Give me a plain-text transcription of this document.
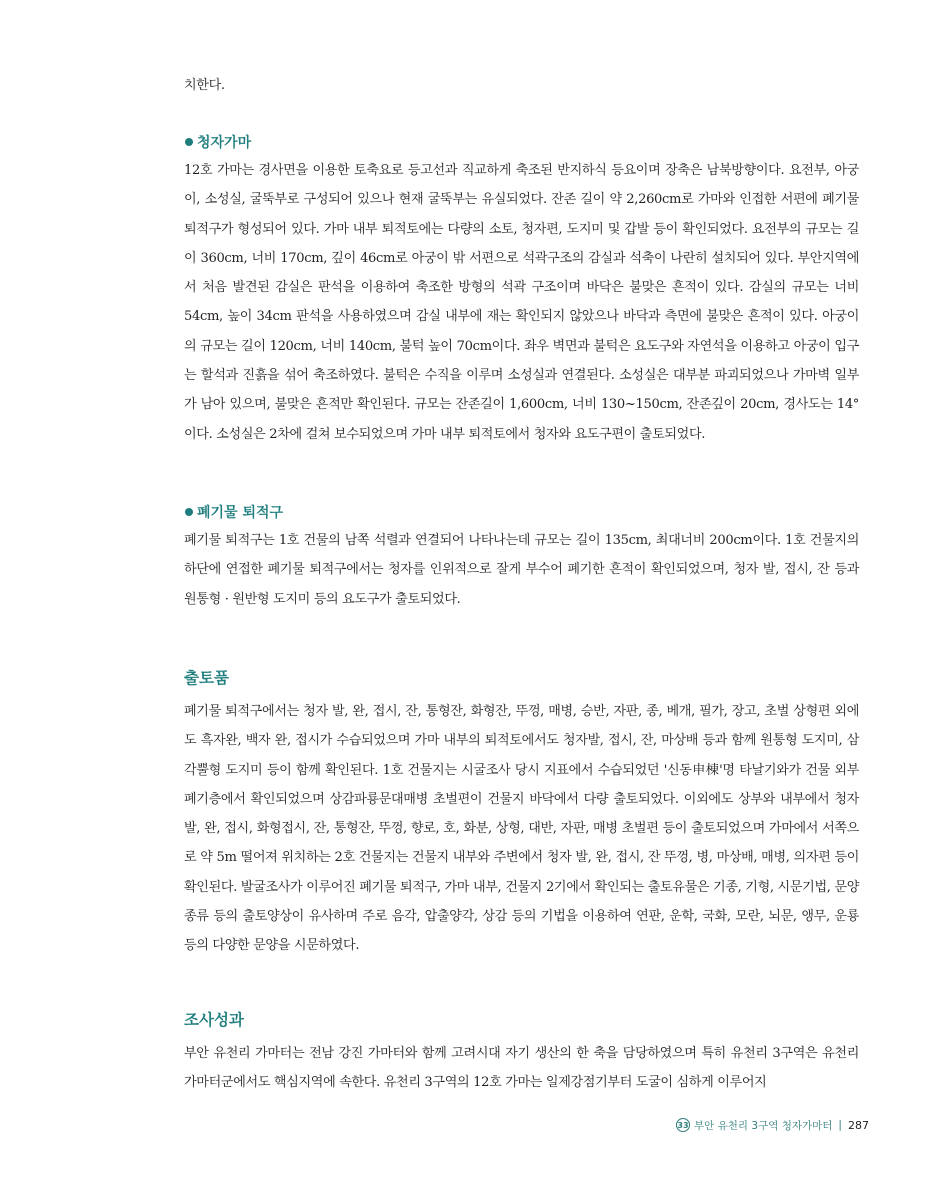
치한다.

청자가마

12호 가마는 경사면을 이용한 토축요로 등고선과 직교하게 축조된 반지하식 등요이며 장축은 남북방향이다. 요전부, 아궁이, 소성실, 굴뚝부로 구성되어 있으나 현재 굴뚝부는 유실되었다. 잔존 길이 약 2,260cm로 가마와 인접한 서편에 폐기물 퇴적구가 형성되어 있다. 가마 내부 퇴적토에는 다량의 소토, 청자편, 도지미 및 갑발 등이 확인되었다. 요전부의 규모는 길이 360cm, 너비 170cm, 깊이 46cm로 아궁이 밖 서편으로 석곽구조의 감실과 석축이 나란히 설치되어 있다. 부안지역에서 처음 발견된 감실은 판석을 이용하여 축조한 방형의 석곽 구조이며 바닥은 불맞은 흔적이 있다. 감실의 규모는 너비 54cm, 높이 34cm 판석을 사용하였으며 감실 내부에 재는 확인되지 않았으나 바닥과 측면에 불맞은 흔적이 있다. 아궁이의 규모는 길이 120cm, 너비 140cm, 불턱 높이 70cm이다. 좌우 벽면과 불턱은 요도구와 자연석을 이용하고 아궁이 입구는 할석과 진흙을 섞어 축조하였다. 불턱은 수직을 이루며 소성실과 연결된다. 소성실은 대부분 파괴되었으나 가마벽 일부가 남아 있으며, 불맞은 흔적만 확인된다. 규모는 잔존길이 1,600cm, 너비 130~150cm, 잔존깊이 20cm, 경사도는 14°이다. 소성실은 2차에 걸쳐 보수되었으며 가마 내부 퇴적토에서 청자와 요도구편이 출토되었다.

폐기물 퇴적구

폐기물 퇴적구는 1호 건물의 남쪽 석렬과 연결되어 나타나는데 규모는 길이 135cm, 최대너비 200cm이다. 1호 건물지의 하단에 연접한 폐기물 퇴적구에서는 청자를 인위적으로 잘게 부수어 폐기한 흔적이 확인되었으며, 청자 발, 접시, 잔 등과 원통형 · 원반형 도지미 등의 요도구가 출토되었다.

출토품

폐기물 퇴적구에서는 청자 발, 완, 접시, 잔, 통형잔, 화형잔, 뚜껑, 매병, 승반, 자판, 종, 베개, 필가, 장고, 초벌 상형편 외에도 흑자완, 백자 완, 접시가 수습되었으며 가마 내부의 퇴적토에서도 청자발, 접시, 잔, 마상배 등과 함께 원통형 도지미, 삼각뿔형 도지미 등이 함께 확인된다. 1호 건물지는 시굴조사 당시 지표에서 수습되었던 '신동申棟'명 타날기와가 건물 외부 폐기층에서 확인되었으며 상감파룡문대매병 초벌편이 건물지 바닥에서 다량 출토되었다. 이외에도 상부와 내부에서 청자 발, 완, 접시, 화형접시, 잔, 통형잔, 뚜껑, 향로, 호, 화분, 상형, 대반, 자판, 매병 초벌편 등이 출토되었으며 가마에서 서쪽으로 약 5m 떨어져 위치하는 2호 건물지는 건물지 내부와 주변에서 청자 발, 완, 접시, 잔 뚜껑, 병, 마상배, 매병, 의자편 등이 확인된다. 발굴조사가 이루어진 폐기물 퇴적구, 가마 내부, 건물지 2기에서 확인되는 출토유물은 기종, 기형, 시문기법, 문양 종류 등의 출토양상이 유사하며 주로 음각, 압출양각, 상감 등의 기법을 이용하여 연판, 운학, 국화, 모란, 뇌문, 앵무, 운룡 등의 다양한 문양을 시문하였다.

조사성과

부안 유천리 가마터는 전남 강진 가마터와 함께 고려시대 자기 생산의 한 축을 담당하였으며 특히 유천리 3구역은 유천리 가마터군에서도 핵심지역에 속한다. 유천리 3구역의 12호 가마는 일제강점기부터 도굴이 심하게 이루어지

33 부안 유천리 3구역 청자가마터 | 287
